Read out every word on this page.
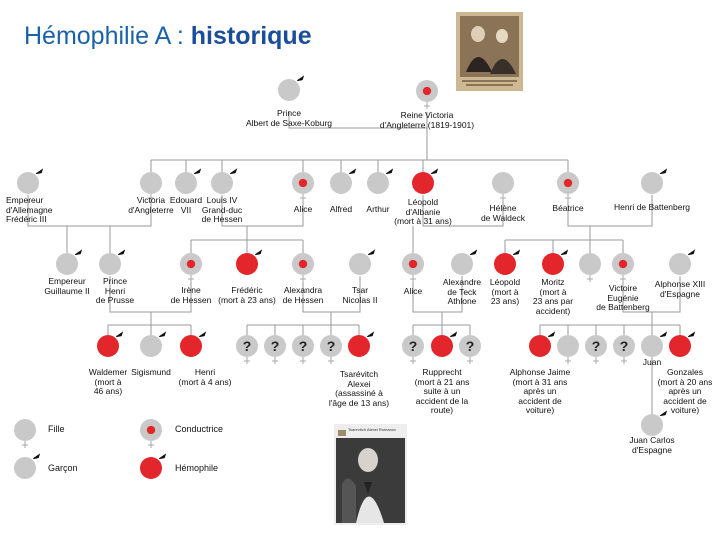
Hémophilie A : historique
? ? ? ?	?	?	? ?
Prince
Albert de Saxe-Koburg
Reine Victoria
d'Angleterre (1819-1901)
Empereur
d'Allemagne
Frédéric III
Victoria
d'Angleterre
Edouard
VII
Louis IV
Grand-duc
de Hessen
Alice	Alfred	Arthur
Léopold
d'Albanie
(mort à 31 ans)
Hélène
de Waldeck
Béatrice	Henri de Battenberg
Empereur
Guillaume II
Prince
Henri
de Prusse
Irène
de Hessen
Frédéric
(mort à 23 ans)
Alexandra
de Hessen
Tsar
Nicolas II
Alice
Alexandre
de Teck
Athlone
Léopold
(mort à
23 ans)
Moritz
(mort à
23 ans par
accident)
Victoire
Eugénie
de Battenberg
Alphonse XIII
d'Espagne
Waldemer
(mort à
46 ans)
Sigismund	Henri
(mort à 4 ans)
Tsarévitch
Alexei
(assassiné à
l'âge de 13 ans)
Rupprecht
(mort à 21 ans
suite à un
accident de la
route)
Alphonse Jaime
(mort à 31 ans
après un
accident de
voiture)
Juan
Gonzales
(mort à 20 ans
après un
accident de
voiture)
Juan Carlos
d'Espagne
Fille
Garçon
Conductrice
Hémophile
Tsarevitch Alexei Romanov
